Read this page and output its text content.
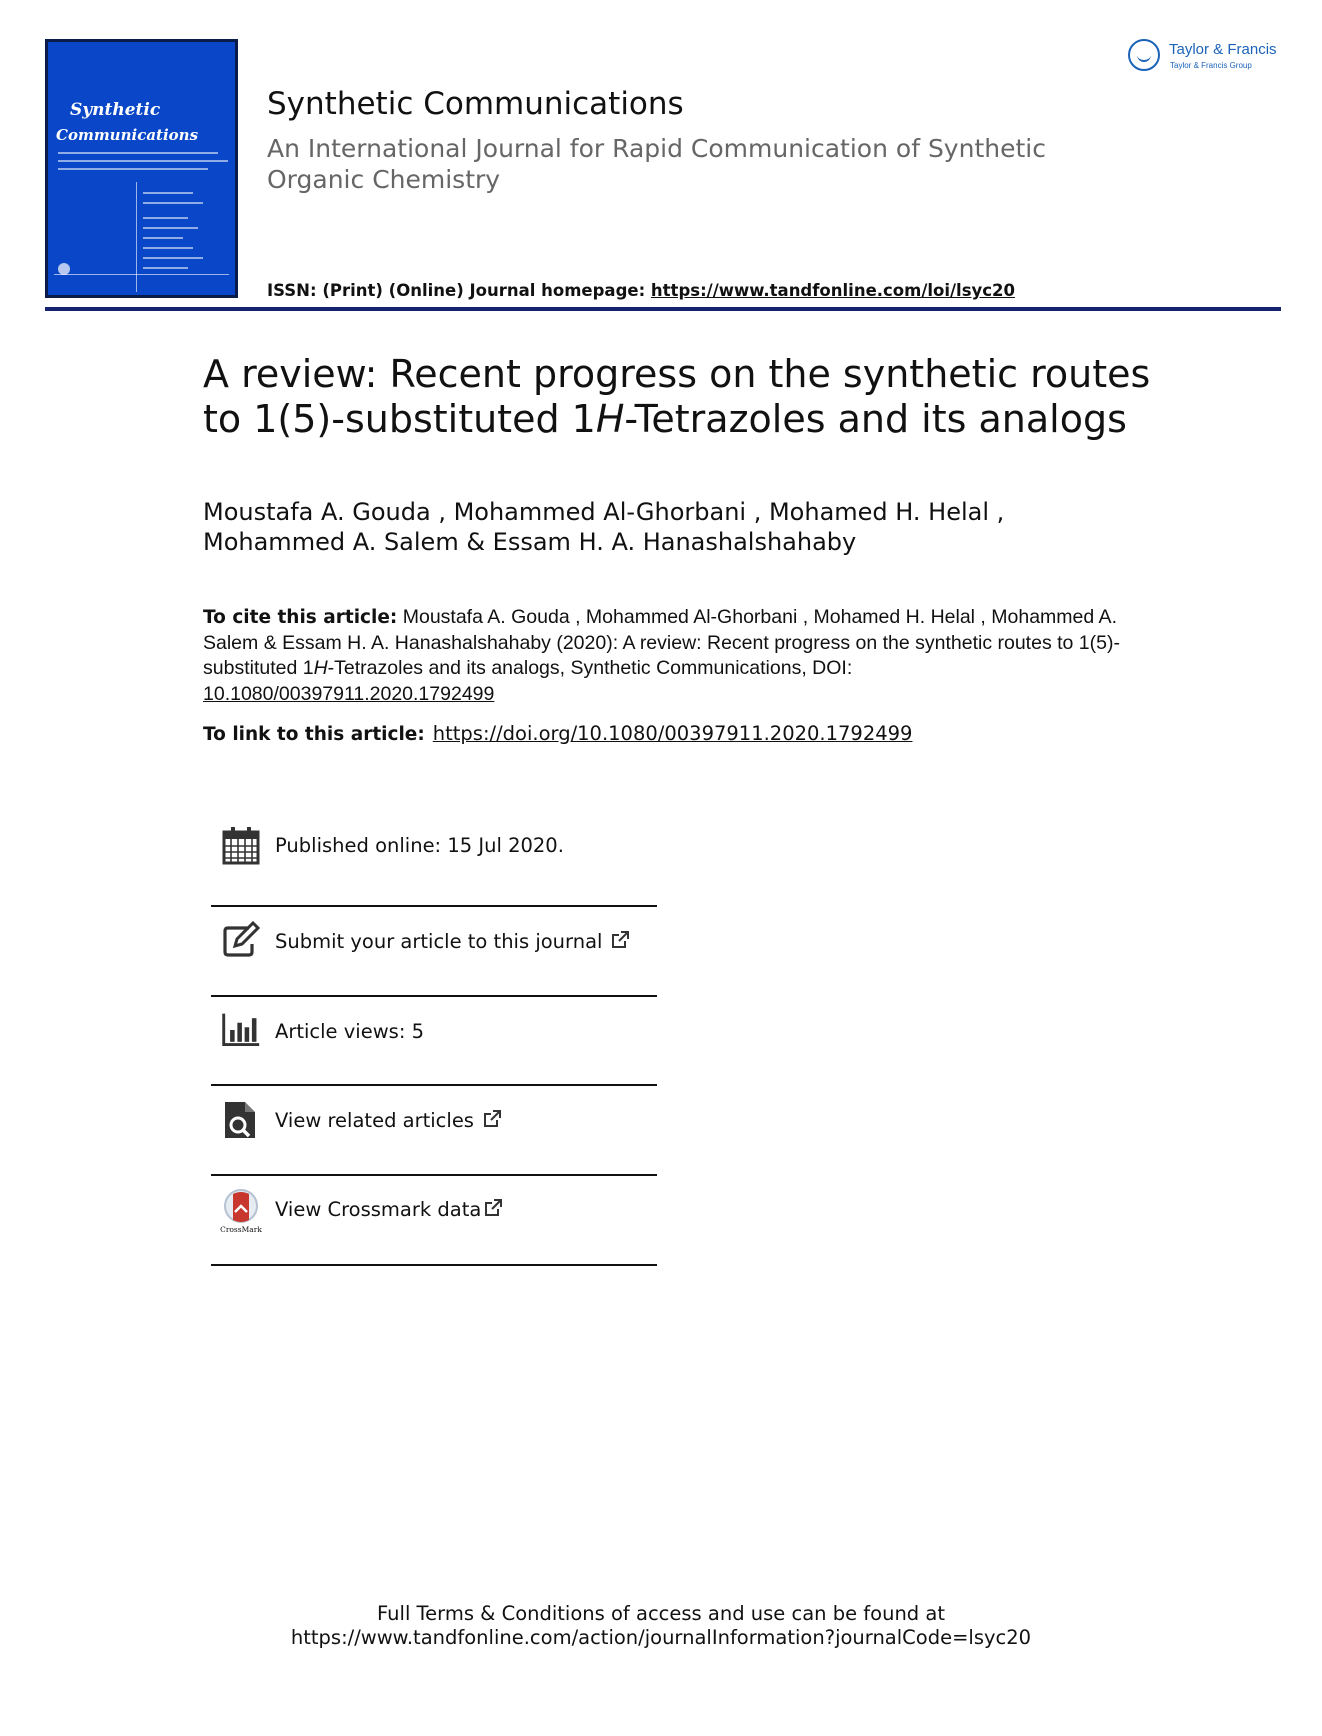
Synthetic
Communications
Synthetic Communications
An International Journal for Rapid Communication of Synthetic Organic Chemistry
ISSN: (Print) (Online) Journal homepage: https://www.tandfonline.com/loi/lsyc20
Taylor & Francis
Taylor & Francis Group
A review: Recent progress on the synthetic routes to 1(5)-substituted 1H-Tetrazoles and its analogs
Moustafa A. Gouda , Mohammed Al-Ghorbani , Mohamed H. Helal ,
Mohammed A. Salem & Essam H. A. Hanashalshahaby
To cite this article: Moustafa A. Gouda , Mohammed Al-Ghorbani , Mohamed H. Helal , Mohammed A. Salem & Essam H. A. Hanashalshahaby (2020): A review: Recent progress on the synthetic routes to 1(5)-substituted 1H-Tetrazoles and its analogs, Synthetic Communications, DOI: 10.1080/00397911.2020.1792499
To link to this article: https://doi.org/10.1080/00397911.2020.1792499
Published online: 15 Jul 2020.
Submit your article to this journal
Article views: 5
View related articles
CrossMark
View Crossmark data
Full Terms & Conditions of access and use can be found at
https://www.tandfonline.com/action/journalInformation?journalCode=lsyc20
